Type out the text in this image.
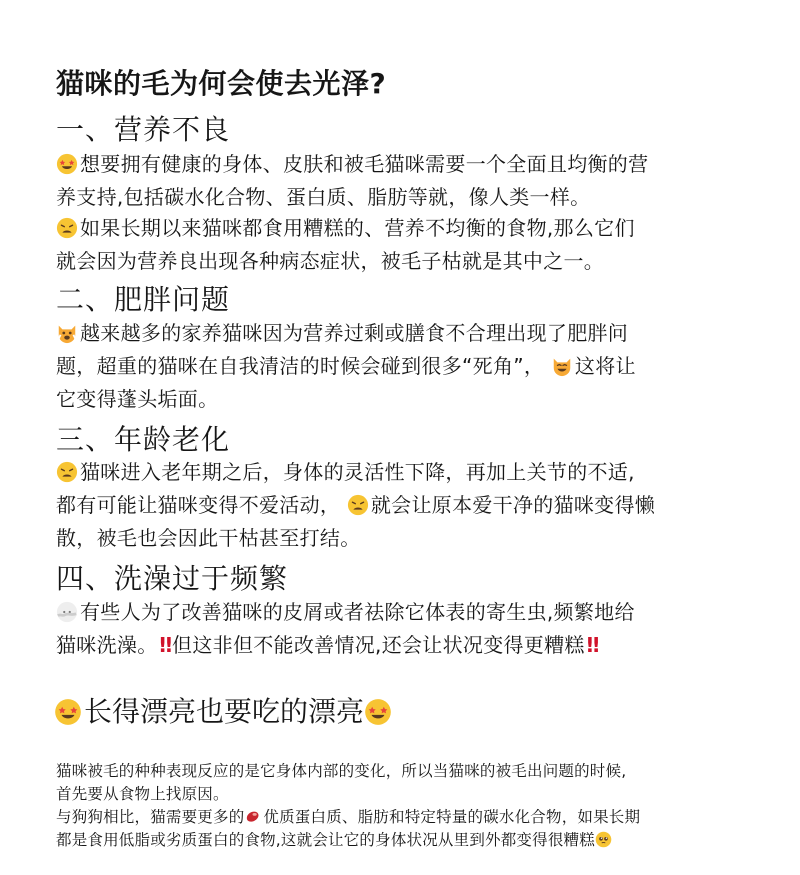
猫咪的毛为何会使去光泽?
一、营养不良
想要拥有健康的身体、皮肤和被毛猫咪需要一个全面且均衡的营
养支持,包括碳水化合物、蛋白质、脂肪等就，像人类一样。
如果长期以来猫咪都食用糟糕的、营养不均衡的食物,那么它们
就会因为营养良出现各种病态症状，被毛子枯就是其中之一。
二、肥胖问题
越来越多的家养猫咪因为营养过剩或膳食不合理出现了肥胖问
题，超重的猫咪在自我清洁的时候会碰到很多“死角”， 这将让
它变得蓬头垢面。
三、年龄老化
猫咪进入老年期之后，身体的灵活性下降，再加上关节的不适,
都有可能让猫咪变得不爱活动， 就会让原本爱干净的猫咪变得懒
散，被毛也会因此干枯甚至打结。
四、洗澡过于频繁
有些人为了改善猫咪的皮屑或者祛除它体表的寄生虫,频繁地给
猫咪洗澡。 ‼ 但这非但不能改善情况,还会让状况变得更糟糕 ‼
长得漂亮也要吃的漂亮
猫咪被毛的种种表现反应的是它身体内部的变化，所以当猫咪的被毛出问题的时候,
首先要从食物上找原因。
与狗狗相比，猫需要更多的 优质蛋白质、脂肪和特定特量的碳水化合物，如果长期
都是食用低脂或劣质蛋白的食物,这就会让它的身体状况从里到外都变得很糟糕
